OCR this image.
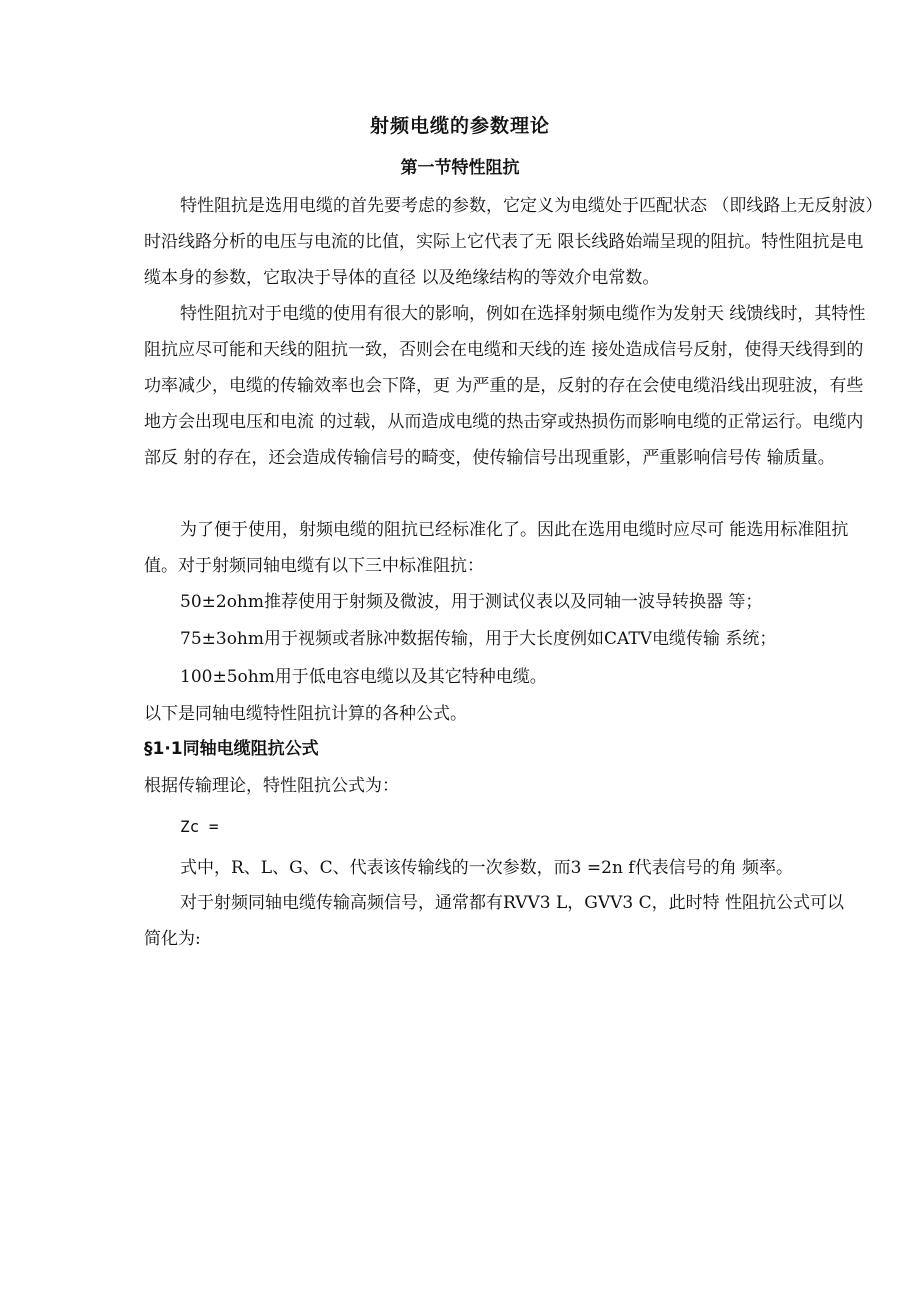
射频电缆的参数理论
第一节特性阻抗

特性阻抗是选用电缆的首先要考虑的参数，它定义为电缆处于匹配状态 （即线路上无反射波）时沿线路分析的电压与电流的比值，实际上它代表了无 限长线路始端呈现的阻抗。特性阻抗是电缆本身的参数，它取决于导体的直径 以及绝缘结构的等效介电常数。

特性阻抗对于电缆的使用有很大的影响，例如在选择射频电缆作为发射天 线馈线时，其特性阻抗应尽可能和天线的阻抗一致，否则会在电缆和天线的连 接处造成信号反射，使得天线得到的功率减少，电缆的传输效率也会下降，更 为严重的是，反射的存在会使电缆沿线出现驻波，有些地方会出现电压和电流 的过载，从而造成电缆的热击穿或热损伤而影响电缆的正常运行。电缆内部反 射的存在，还会造成传输信号的畸变，使传输信号出现重影，严重影响信号传 输质量。

为了便于使用，射频电缆的阻抗已经标准化了。因此在选用电缆时应尽可 能选用标准阻抗值。对于射频同轴电缆有以下三中标准阻抗：

50±2ohm推荐使用于射频及微波，用于测试仪表以及同轴一波导转换器 等；
75±3ohm用于视频或者脉冲数据传输，用于大长度例如CATV电缆传输 系统；
100±5ohm用于低电容电缆以及其它特种电缆。
以下是同轴电缆特性阻抗计算的各种公式。
§1·1同轴电缆阻抗公式
根据传输理论，特性阻抗公式为：
Zc =
式中，R、L、G、C、代表该传输线的一次参数，而3 =2n f代表信号的角 频率。
对于射频同轴电缆传输高频信号，通常都有RVV3 L，GVV3 C，此时特 性阻抗公式可以
简化为:
